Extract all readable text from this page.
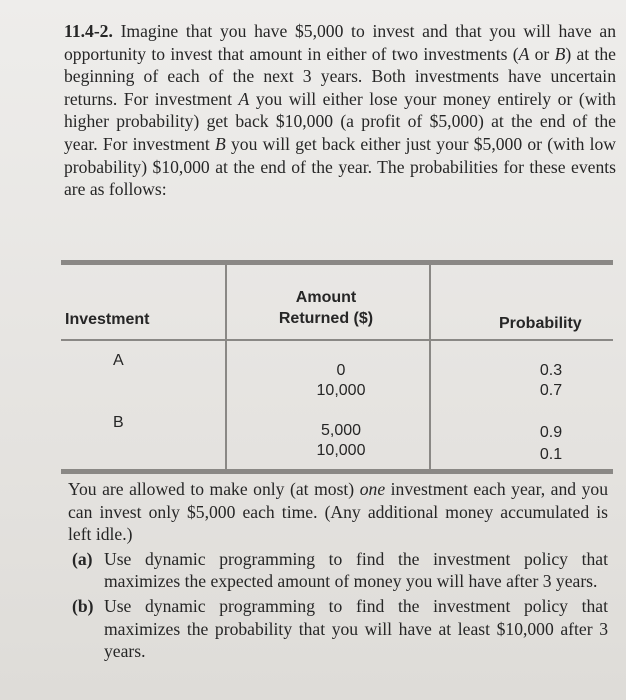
11.4-2. Imagine that you have $5,000 to invest and that you will have an opportunity to invest that amount in either of two investments (A or B) at the beginning of each of the next 3 years. Both investments have uncertain returns. For investment A you will either lose your money entirely or (with higher probability) get back $10,000 (a profit of $5,000) at the end of the year. For investment B you will get back either just your $5,000 or (with low probability) $10,000 at the end of the year. The probabilities for these events are as follows:
Investment
Amount
Returned ($)	Probability
A
0
10,000
0.3
0.7
B	5,000
10,000
0.9
0.1
You are allowed to make only (at most) one investment each year, and you can invest only $5,000 each time. (Any additional money accumulated is left idle.)
(a) Use dynamic programming to find the investment policy that maximizes the expected amount of money you will have after 3 years.
(b) Use dynamic programming to find the investment policy that maximizes the probability that you will have at least $10,000 after 3 years.
